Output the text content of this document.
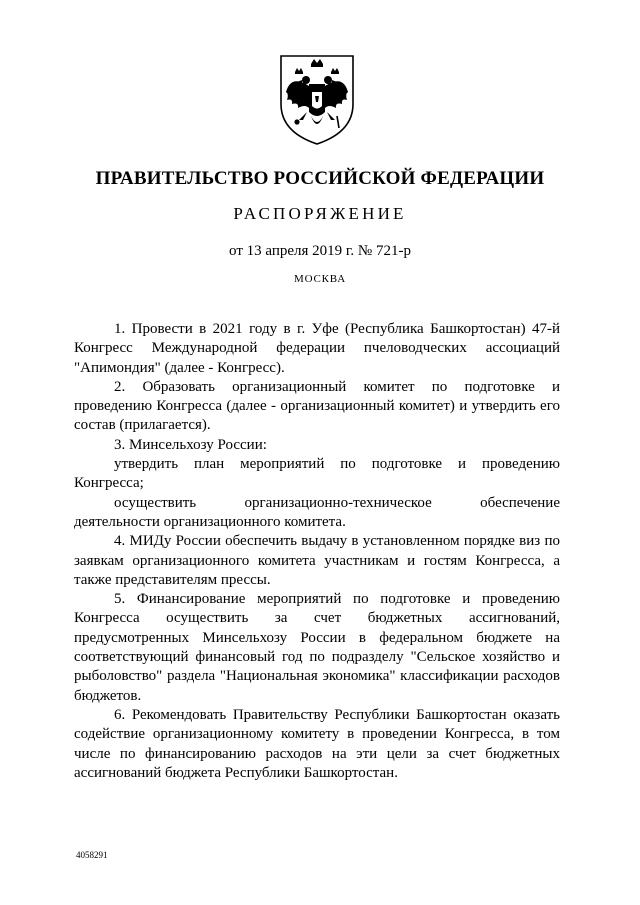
ПРАВИТЕЛЬСТВО РОССИЙСКОЙ ФЕДЕРАЦИИ
РАСПОРЯЖЕНИЕ
от 13 апреля 2019 г. № 721-р
МОСКВА

1. Провести в 2021 году в г. Уфе (Республика Башкортостан) 47-й Конгресс Международной федерации пчеловодческих ассоциаций "Апимондия" (далее - Конгресс).

2. Образовать организационный комитет по подготовке и проведению Конгресса (далее - организационный комитет) и утвердить его состав (прилагается).

3. Минсельхозу России:

утвердить план мероприятий по подготовке и проведению Конгресса;

осуществить организационно-техническое обеспечение деятельности организационного комитета.

4. МИДу России обеспечить выдачу в установленном порядке виз по заявкам организационного комитета участникам и гостям Конгресса, а также представителям прессы.

5. Финансирование мероприятий по подготовке и проведению Конгресса осуществить за счет бюджетных ассигнований, предусмотренных Минсельхозу России в федеральном бюджете на соответствующий финансовый год по подразделу "Сельское хозяйство и рыболовство" раздела "Национальная экономика" классификации расходов бюджетов.

6. Рекомендовать Правительству Республики Башкортостан оказать содействие организационному комитету в проведении Конгресса, в том числе по финансированию расходов на эти цели за счет бюджетных ассигнований бюджета Республики Башкортостан.

4058291
